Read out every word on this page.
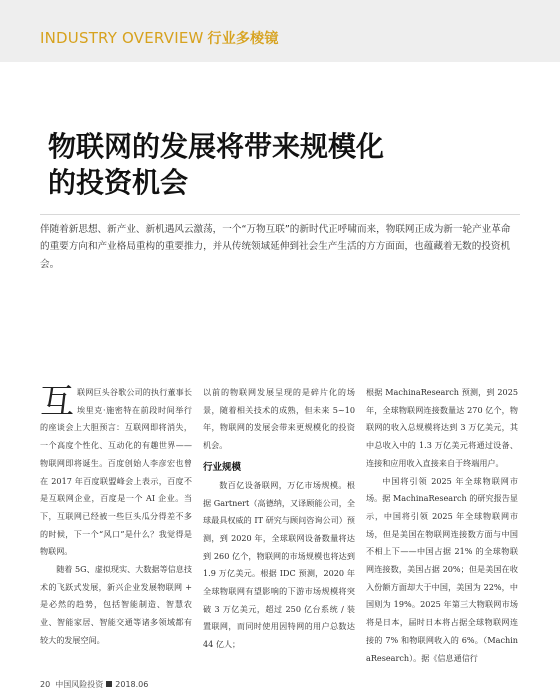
INDUSTRY OVERVIEW 行业多棱镜
物联网的发展将带来规模化
的投资机会

伴随着新思想、新产业、新机遇风云激荡，一个“万物互联”的新时代正呼啸而来，物联网正成为新一轮产业革命的重要方向和产业格局重构的重要推力，并从传统领域延伸到社会生产生活的方方面面，也蕴藏着无数的投资机会。

互联网巨头谷歌公司的执行董事长埃里克·施密特在前段时间举行的座谈会上大胆预言：互联网即将消失，一个高度个性化、互动化的有趣世界——物联网即将诞生。百度创始人李彦宏也曾在 2017 年百度联盟峰会上表示，百度不是互联网企业，百度是一个 AI 企业。当下，互联网已经被一些巨头瓜分得差不多的时候，下一个“风口”是什么？我觉得是物联网。

随着 5G、虚拟现实、大数据等信息技术的飞跃式发展，新兴企业发展物联网 + 是必然的趋势，包括智能制造、智慧农业、智能家居、智能交通等诸多领域都有较大的发展空间。

以前的物联网发展呈现的是碎片化的场景，随着相关技术的成熟，但未来 5~10 年，物联网的发展会带来更规模化的投资机会。

行业规模

数百亿设备联网，万亿市场规模。根据 Gartnert（高德纳，又译顾能公司，全球最具权威的 IT 研究与顾问咨询公司）预测，到 2020 年，全球联网设备数量将达到 260 亿个，物联网的市场规模也将达到 1.9 万亿美元。根据 IDC 预测，2020 年全球物联网有望影响的下游市场规模将突破 3 万亿美元，超过 250 亿台系统 / 装置联网，而同时使用因特网的用户总数达 44 亿人；

根据 MachinaResearch 预测，到 2025 年，全球物联网连接数量达 270 亿个，物联网的收入总规模将达到 3 万亿美元，其中总收入中的 1.3 万亿美元将通过设备、连接和应用收入直接来自于终端用户。

中国将引领 2025 年全球物联网市场。据 MachinaResearch 的研究报告显示，中国将引领 2025 年全球物联网市场，但是美国在物联网连接数方面与中国不相上下——中国占据 21% 的全球物联网连接数，美国占据 20%；但是美国在收入份额方面却大于中国，美国为 22%，中国则为 19%。2025 年第三大物联网市场将是日本，届时日本将占据全球物联网连接的 7% 和物联网收入的 6%。（MachinaResearch）。据《信息通信行

20 中国风险投资 2018.06
